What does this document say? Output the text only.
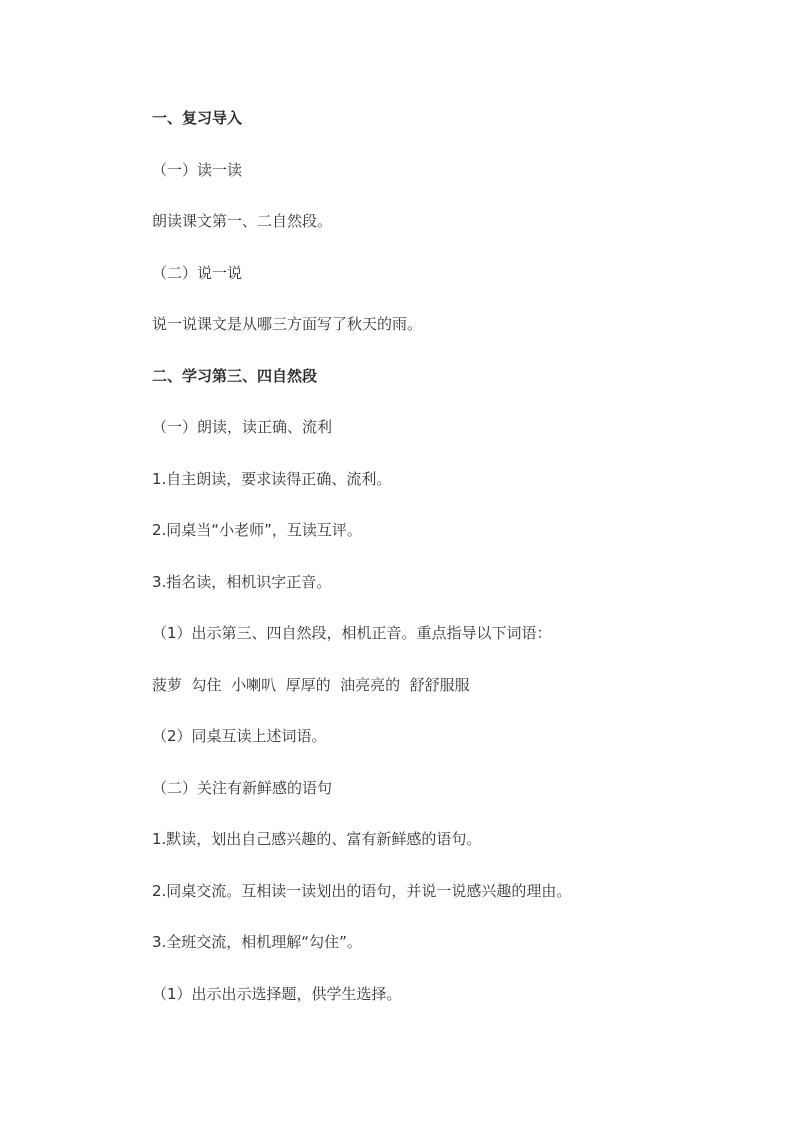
一、复习导入
（一）读一读
朗读课文第一、二自然段。
（二）说一说
说一说课文是从哪三方面写了秋天的雨。
二、学习第三、四自然段
（一）朗读，读正确、流利
1.自主朗读，要求读得正确、流利。
2.同桌当“小老师”，互读互评。
3.指名读，相机识字正音。
（1）出示第三、四自然段，相机正音。重点指导以下词语：
菠萝  勾住  小喇叭  厚厚的  油亮亮的  舒舒服服
（2）同桌互读上述词语。
（二）关注有新鲜感的语句
1.默读，划出自己感兴趣的、富有新鲜感的语句。
2.同桌交流。互相读一读划出的语句，并说一说感兴趣的理由。
3.全班交流，相机理解“勾住”。
（1）出示出示选择题，供学生选择。
